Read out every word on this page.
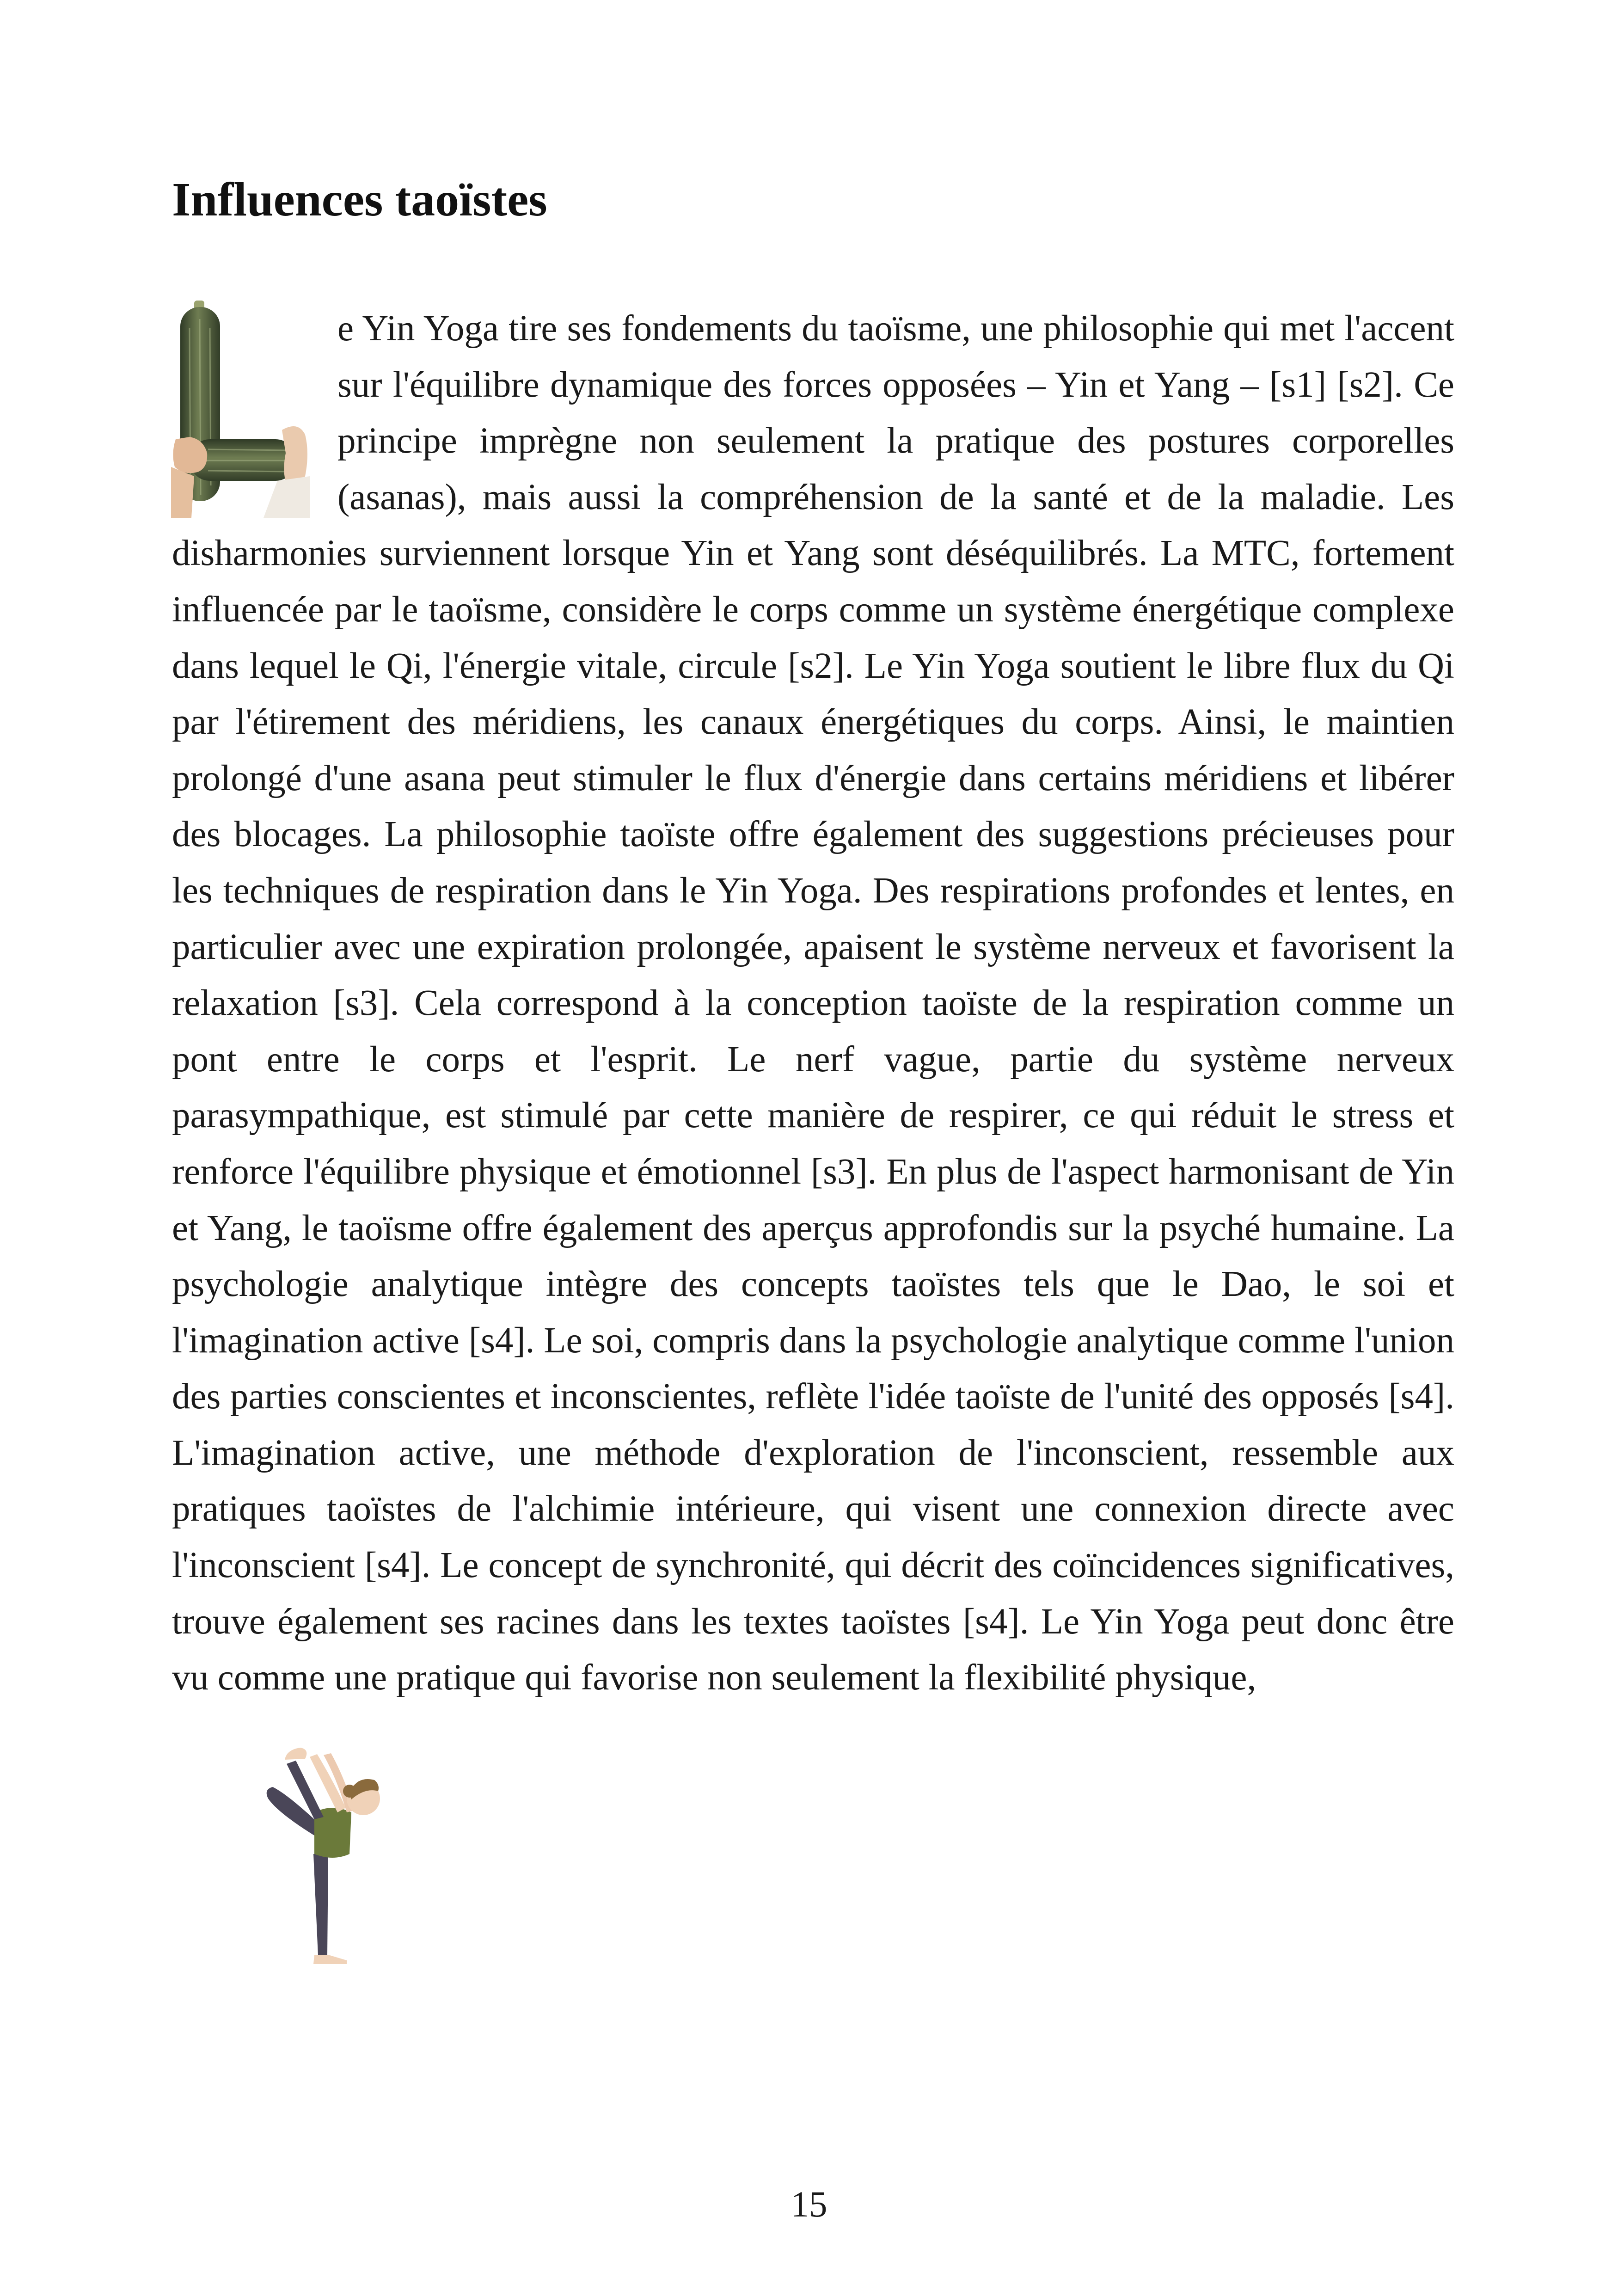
Influences taoïstes
e Yin Yoga tire ses fondements du taoïsme, une philosophie qui met l'accent sur l'équilibre dynamique des forces opposées – Yin et Yang – [s1] [s2]. Ce principe imprègne non seulement la pratique des postures corporelles (asanas), mais aussi la compréhension de la santé et de la maladie. Les disharmonies surviennent lorsque Yin et Yang sont déséquilibrés. La MTC, fortement influencée par le taoïsme, considère le corps comme un système énergétique complexe dans lequel le Qi, l'énergie vitale, circule [s2]. Le Yin Yoga soutient le libre flux du Qi par l'étirement des méridiens, les canaux énergétiques du corps. Ainsi, le maintien prolongé d'une asana peut stimuler le flux d'énergie dans certains méridiens et libérer des blocages. La philosophie taoïste offre également des suggestions précieuses pour les techniques de respiration dans le Yin Yoga. Des respirations profondes et lentes, en particulier avec une expiration prolongée, apaisent le système nerveux et favorisent la relaxation [s3]. Cela correspond à la conception taoïste de la respiration comme un pont entre le corps et l'esprit. Le nerf vague, partie du système nerveux parasympathique, est stimulé par cette manière de respirer, ce qui réduit le stress et renforce l'équilibre physique et émotionnel [s3]. En plus de l'aspect harmonisant de Yin et Yang, le taoïsme offre également des aperçus approfondis sur la psyché humaine. La psychologie analytique intègre des concepts taoïstes tels que le Dao, le soi et l'imagination active [s4]. Le soi, compris dans la psychologie analytique comme l'union des parties conscientes et inconscientes, reflète l'idée taoïste de l'unité des opposés [s4]. L'imagination active, une méthode d'exploration de l'inconscient, ressemble aux pratiques taoïstes de l'alchimie intérieure, qui visent une connexion directe avec l'inconscient [s4]. Le concept de synchronité, qui décrit des coïncidences significatives, trouve également ses racines dans les textes taoïstes [s4]. Le Yin Yoga peut donc être vu comme une pratique qui favorise non seulement la flexibilité physique,

15
